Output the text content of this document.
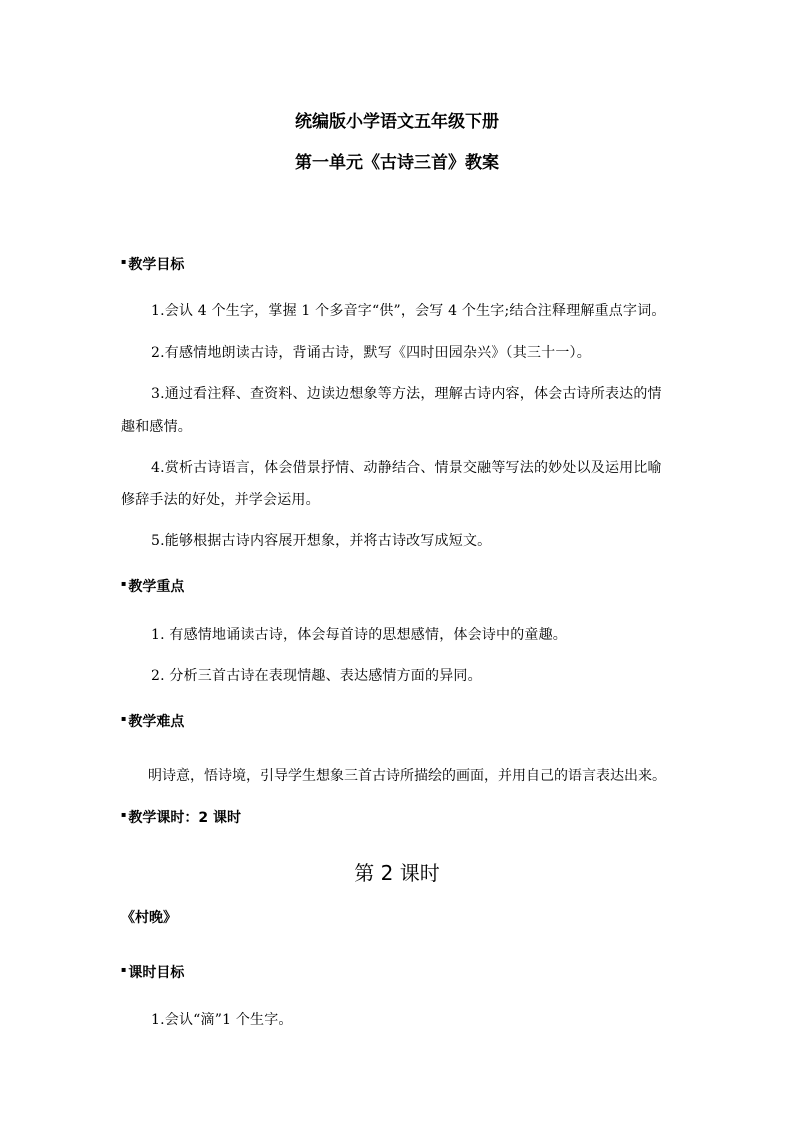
统编版小学语文五年级下册
第一单元《古诗三首》教案
▪ 教学目标
1.会认 4 个生字，掌握 1 个多音字“供”，会写 4 个生字;结合注释理解重点字词。
2.有感情地朗读古诗，背诵古诗，默写《四时田园杂兴》（其三十一）。
3.通过看注释、查资料、边读边想象等方法，理解古诗内容，体会古诗所表达的情
趣和感情。
4.赏析古诗语言，体会借景抒情、动静结合、情景交融等写法的妙处以及运用比喻
修辞手法的好处，并学会运用。
5.能够根据古诗内容展开想象，并将古诗改写成短文。
▪ 教学重点
1. 有感情地诵读古诗，体会每首诗的思想感情，体会诗中的童趣。
2. 分析三首古诗在表现情趣、表达感情方面的异同。
▪ 教学难点
明诗意，悟诗境，引导学生想象三首古诗所描绘的画面，并用自己的语言表达出来。
▪ 教学课时：2 课时
第 2 课时
《村晚》
▪ 课时目标
1.会认“滴”1 个生字。
